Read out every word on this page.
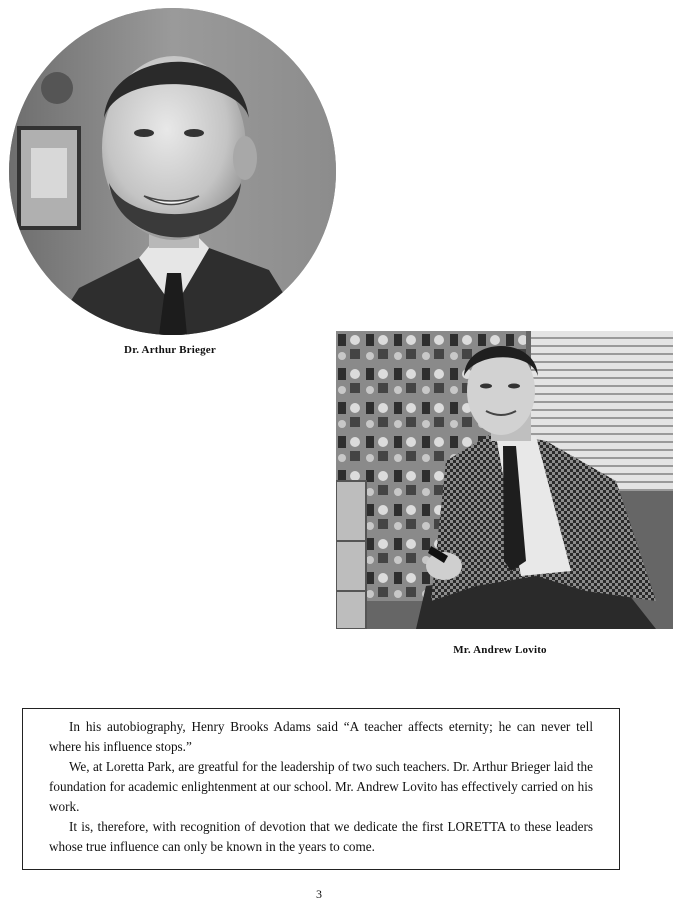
Dr. Arthur Brieger
Mr. Andrew Lovito

In his autobiography, Henry Brooks Adams said “A teacher affects eternity; he can never tell where his influence stops.”

We, at Loretta Park, are greatful for the leadership of two such teachers. Dr. Arthur Brieger laid the foundation for academic enlightenment at our school. Mr. Andrew Lovito has effectively carried on his work.

It is, therefore, with recognition of devotion that we dedicate the first LORETTA to these leaders whose true influence can only be known in the years to come.

3
